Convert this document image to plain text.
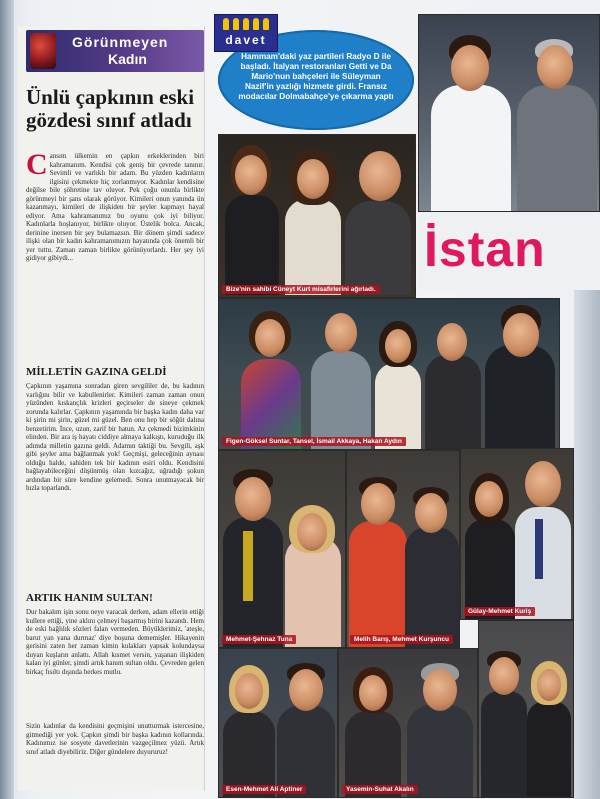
Görünmeyen
Kadın
Ünlü çapkının eski gözdesi sınıf atladı

Cansım ülkemin en çapkın erkeklerinden biri kahramanım. Kendisi çok geniş bir çevrede tanınır. Sevimli ve varlıklı bir adam. Bu yüzden kadınların ilgisini çekmekte hiç zorlanmıyor. Kadınlar kendisine değilse bile şöhretine tav oluyor. Pek çoğu onunla birlikte görünmeyi bir şans olarak görüyor. Kimileri onun yanında ün kazanmayı, kimileri de ilişkiden bir şeyler kapmayı hayal ediyor. Ama kahramanımız bu oyunu çok iyi biliyor. Kadınlarla hoşlanıyor, birlikte oluyor. Üstelik bolca. Ancak, derinine inersen bir şey bulamazsın. Bir dönem şimdi sadece ilişki olan bir kadın kahramanımızın hayatında çok önemli bir yer tuttu. Zaman zaman birlikte görünüyorlardı. Her şey iyi gidiyor gibiydi...

MİLLETİN GAZINA GELDİ
Çapkının yaşamına sonradan giren sevgililer de, bu kadının varlığını bilir ve kabullenirler. Kimileri zaman zaman onun yüzünden kıskançlık krizleri geçirseler de sineye çekmek zorunda kalırlar. Çapkının yaşamında bir başka kadın daha var ki şirin mi şirin, güzel mi güzel. Ben onu hep bir söğüt dalına benzetirim. İnce, uzun, zarif bir hatun. Az çekmedi bizimkinin elinden. Bir ara iş hayatı ciddiye almaya kalkıştı, kuruduğu ilk adımda milletin gazına geldi. Adamın taktiği bu. Sevgili, aşk gibi şeyler ama bağlanmak yok! Geçmişi, geleceğinin aynası olduğu halde, sahiden tek bir kadının esiri oldu. Kendisini bağlayabileceğini düşünmüş olan kızcağız, uğradığı şokun ardından bir süre kendine gelemedi. Sonra unutmayacak bir hızla toparlandı.
ARTIK HANIM SULTAN!
Dur bakalım işin sonu neye varacak derken, adam ellerin ettiği kullere ettiği, yine aklını çelmeyi başarmış birini kazandı. Hem de eski bağlılık sözleri falan vermeden. Büyüklerimiz, 'ateşle, barut yan yana durmaz' diye boşuna dememişler. Hikayenin gerisini zaten her zaman kimin kulakları yapsak kolundaysa duyan kuşların anlattı. Allah kısmet versin, yaşanan ilişkiden kalan iyi günler, şimdi artık hanım sultan oldu. Çevreden gelen birkaç fısıltı dışında herkes mutlu.
Sizin kadınlar da kendisini geçmişini unutturmak istercesine, gitmediği yer yok. Çapkın şimdi bir başka kadının kollarında. Kadınımız ise sosyete davetlerinin vazgeçilmez yüzü. Artık sınıf atladı diyebiliriz. Diğer gündelere duyururuz!
Hammam'daki yaz partileri Radyo D ile başladı. İtalyan restoranları Getti ve Da Mario'nun bahçeleri ile Süleyman Nazif'in yazlığı hizmete girdi. Fransız modacılar Dolmabahçe'ye çıkarma yaptı
davet
İstan
Bize'nin sahibi Cüneyt Kurt misafirlerini ağırladı.
Figen-Göksel Suntar, Tansel, İsmail Akkaya, Hakan Aydın
Mehmet-Şehnaz Tuna	Melih Barış, Mehmet Kurşuncu
Gülay-Mehmet Kuriş
Esen-Mehmet Ali Aptiner	Yasemin-Suhat Akalın
